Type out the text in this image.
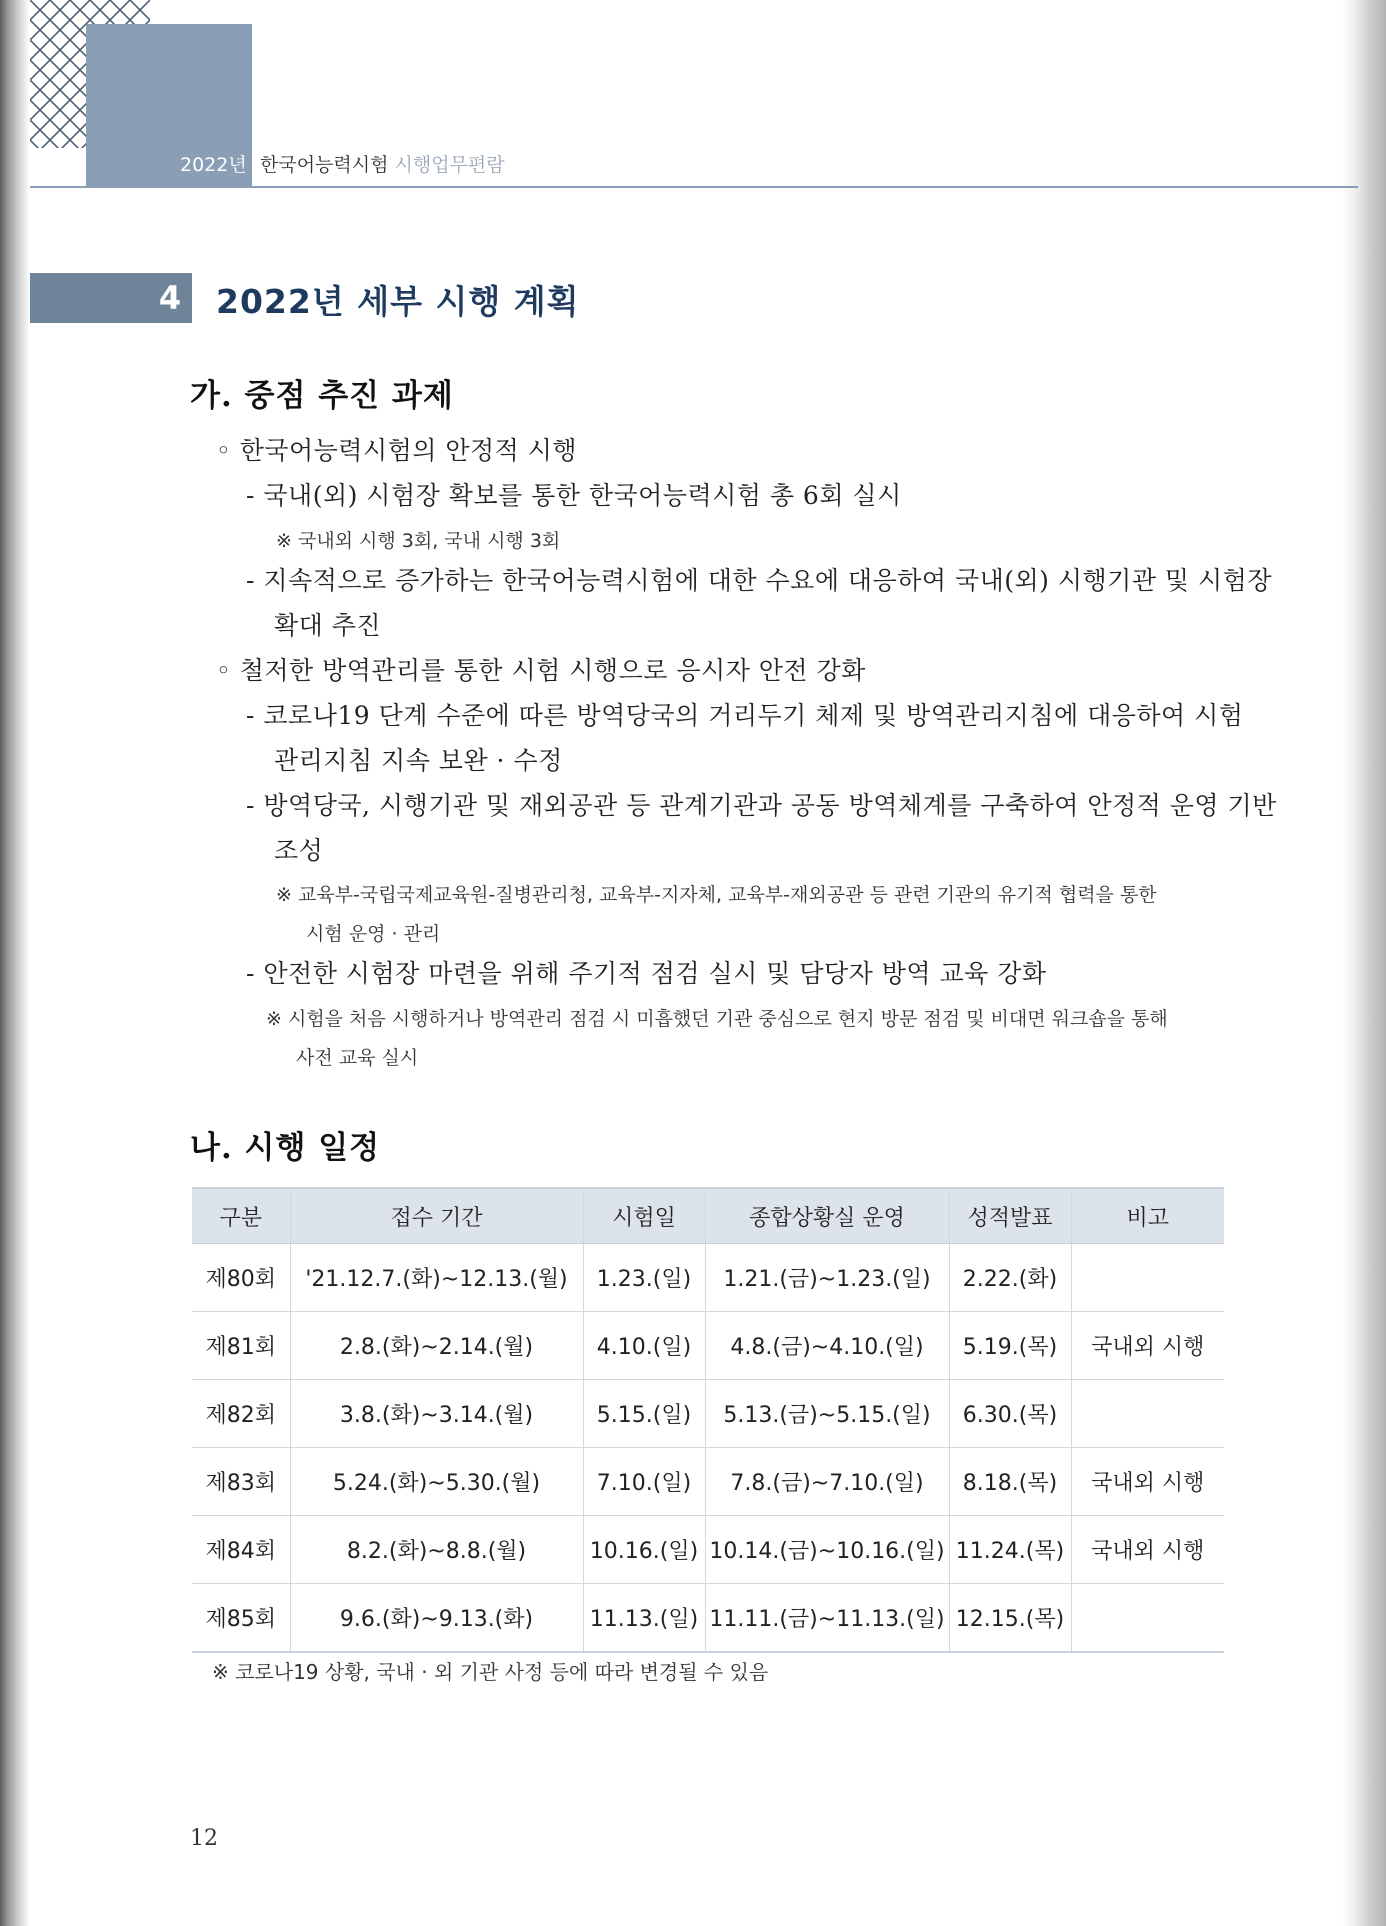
2022년 한국어능력시험 시행업무편람
4 2022년 세부 시행 계획
가. 중점 추진 과제
◦ 한국어능력시험의 안정적 시행
- 국내(외) 시험장 확보를 통한 한국어능력시험 총 6회 실시
※ 국내외 시행 3회, 국내 시행 3회
- 지속적으로 증가하는 한국어능력시험에 대한 수요에 대응하여 국내(외) 시행기관 및 시험장
확대 추진
◦ 철저한 방역관리를 통한 시험 시행으로 응시자 안전 강화
- 코로나19 단계 수준에 따른 방역당국의 거리두기 체제 및 방역관리지침에 대응하여 시험
관리지침 지속 보완 · 수정
- 방역당국, 시행기관 및 재외공관 등 관계기관과 공동 방역체계를 구축하여 안정적 운영 기반
조성
※ 교육부-국립국제교육원-질병관리청, 교육부-지자체, 교육부-재외공관 등 관련 기관의 유기적 협력을 통한
시험 운영 · 관리
- 안전한 시험장 마련을 위해 주기적 점검 실시 및 담당자 방역 교육 강화
※ 시험을 처음 시행하거나 방역관리 점검 시 미흡했던 기관 중심으로 현지 방문 점검 및 비대면 워크숍을 통해
사전 교육 실시
나. 시행 일정
구분	접수 기간	시험일	종합상황실 운영	성적발표	비고
제80회	'21.12.7.(화)~12.13.(월)	1.23.(일)	1.21.(금)~1.23.(일)	2.22.(화)	
제81회	2.8.(화)~2.14.(월)	4.10.(일)	4.8.(금)~4.10.(일)	5.19.(목)	국내외 시행
제82회	3.8.(화)~3.14.(월)	5.15.(일)	5.13.(금)~5.15.(일)	6.30.(목)	
제83회	5.24.(화)~5.30.(월)	7.10.(일)	7.8.(금)~7.10.(일)	8.18.(목)	국내외 시행
제84회	8.2.(화)~8.8.(월)	10.16.(일)	10.14.(금)~10.16.(일)	11.24.(목)	국내외 시행
제85회	9.6.(화)~9.13.(화)	11.13.(일)	11.11.(금)~11.13.(일)	12.15.(목)	
※ 코로나19 상황, 국내 · 외 기관 사정 등에 따라 변경될 수 있음
12
